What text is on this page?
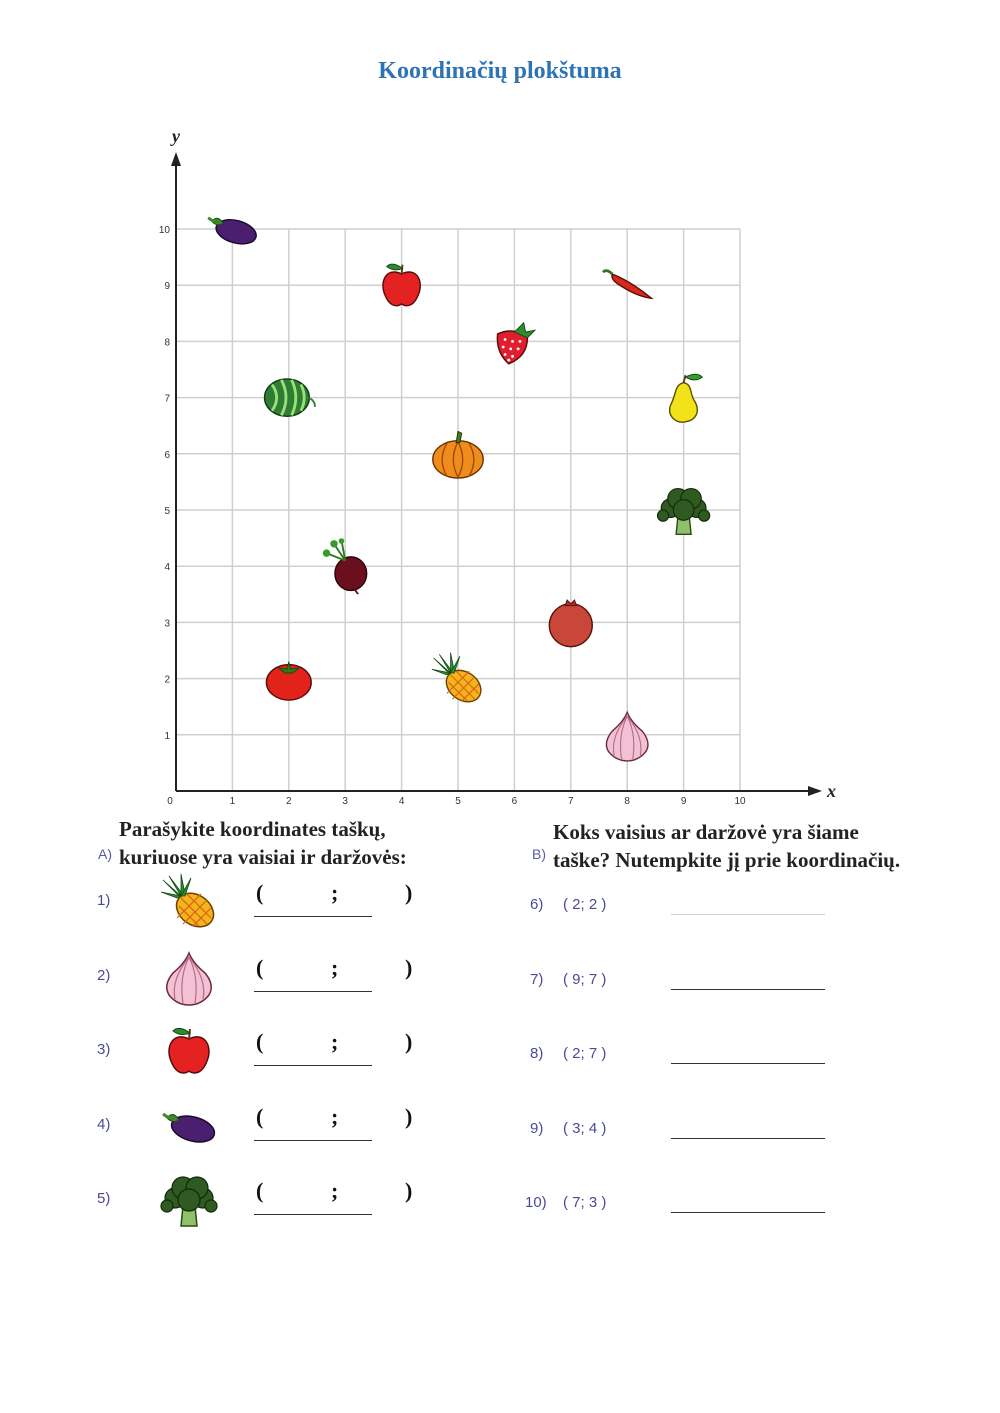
Koordinačių plokštuma
y
x
0	1	2	3	4	5	6	7	8	9	10
1
2
3
4
5
6
7
8
9
10
A)
Parašykite koordinates taškų,
kuriuose yra vaisiai ir daržovės:
1)	(	;	)
2)	(	;	)
3)	(	;	)
4)	(	;	)
5)	(	;	)
B)
Koks vaisius ar daržovė yra šiame
taške? Nutempkite jį prie koordinačių.
6) ( 2; 2 )
7) ( 9; 7 )
8) ( 2; 7 )
9) ( 3; 4 )
10) ( 7; 3 )
